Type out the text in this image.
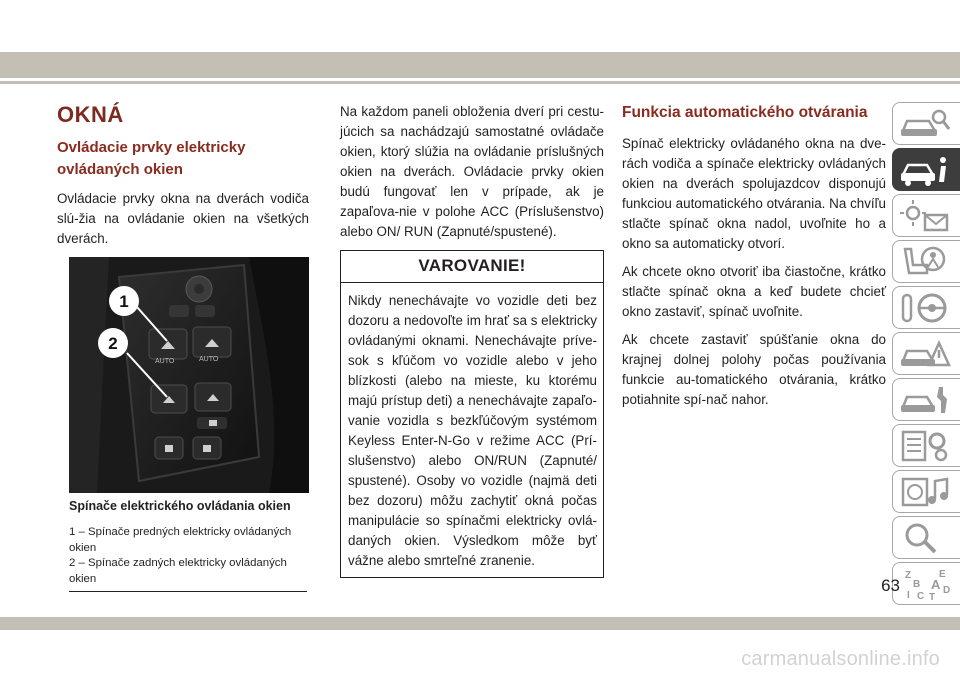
OKNÁ
Ovládacie prvky elektricky ovládaných okien
Ovládacie prvky okna na dverách vodiča slú-žia na ovládanie okien na všetkých dverách.
AUTO	AUTO
1
2
Spínače elektrického ovládania okien
1 – Spínače predných elektricky ovládaných okien
2 – Spínače zadných elektricky ovládaných okien
Na každom paneli obloženia dverí pri cestu-júcich sa nachádzajú samostatné ovládače okien, ktorý slúžia na ovládanie príslušných okien na dverách. Ovládacie prvky okien budú fungovať len v prípade, ak je zapaľova-nie v polohe ACC (Príslušenstvo) alebo ON/ RUN (Zapnuté/spustené).
VAROVANIE!
Nikdy nenechávajte vo vozidle deti bez dozoru a nedovoľte im hrať sa s elektricky ovládanými oknami. Nenechávajte príve-sok s kľúčom vo vozidle alebo v jeho blízkosti (alebo na mieste, ku ktorému majú prístup deti) a nenechávajte zapaľo-vanie vozidla s bezkľúčovým systémom Keyless Enter-N-Go v režime ACC (Prí-slušenstvo) alebo ON/RUN (Zapnuté/ spustené). Osoby vo vozidle (najmä deti bez dozoru) môžu zachytiť okná počas manipulácie so spínačmi elektricky ovlá-daných okien. Výsledkom môže byť vážne alebo smrteľné zranenie.
Funkcia automatického otvárania
Spínač elektricky ovládaného okna na dve-rách vodiča a spínače elektricky ovládaných okien na dverách spolujazdcov disponujú funkciou automatického otvárania. Na chvíľu stlačte spínač okna nadol, uvoľnite ho a okno sa automaticky otvorí.
Ak chcete okno otvoriť iba čiastočne, krátko stlačte spínač okna a keď budete chcieť okno zastaviť, spínač uvoľnite.
Ak chcete zastaviť spúšťanie okna do krajnej dolnej polohy počas používania funkcie au-tomatického otvárania, krátko potiahnite spí-nač nahor.
Z	E
B A
I C
D
T
63
carmanualsonline.info
